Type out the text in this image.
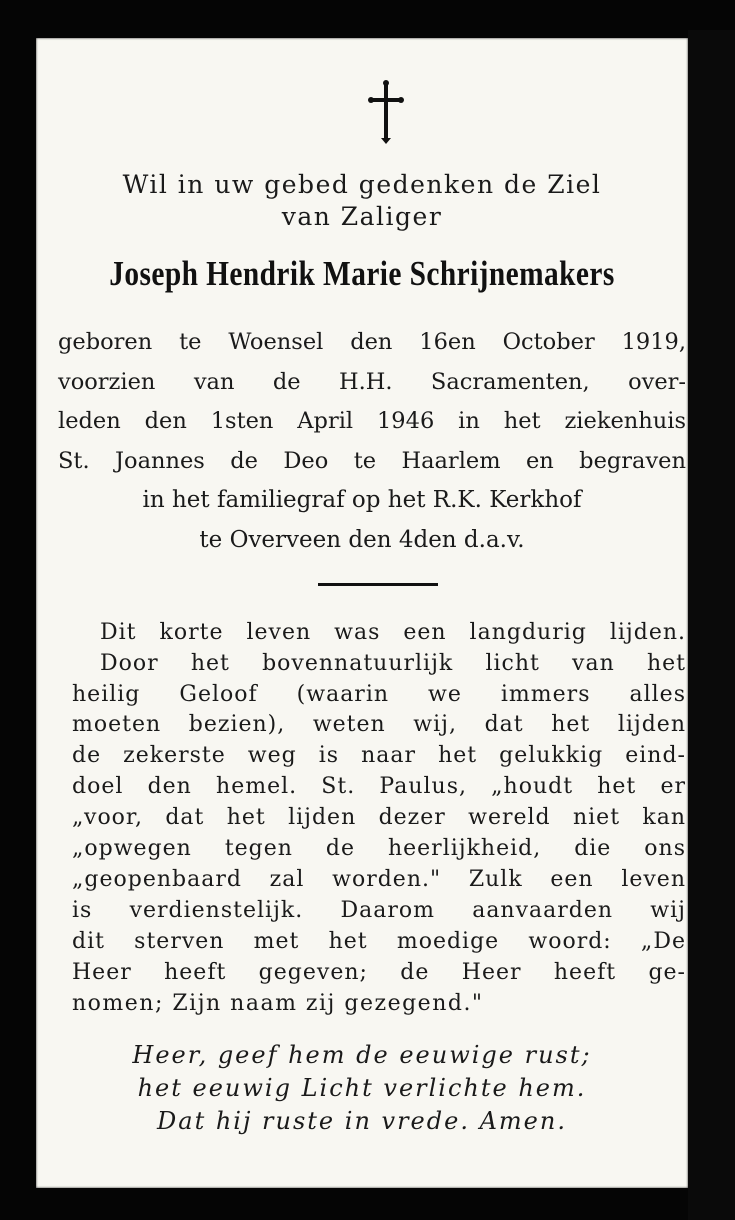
Wil in uw gebed gedenken de Ziel

van Zaliger

Joseph Hendrik Marie Schrijnemakers

geboren te Woensel den 16en October 1919,

voorzien van de H.H. Sacramenten, over-

leden den 1sten April 1946 in het ziekenhuis

St. Joannes de Deo te Haarlem en begraven

in het familiegraf op het R.K. Kerkhof

te Overveen den 4den d.a.v.

Dit korte leven was een langdurig lijden.

Door het bovennatuurlijk licht van het

heilig Geloof (waarin we immers alles

moeten bezien), weten wij, dat het lijden

de zekerste weg is naar het gelukkig eind-

doel den hemel. St. Paulus, „houdt het er

„voor, dat het lijden dezer wereld niet kan

„opwegen tegen de heerlijkheid, die ons

„geopenbaard zal worden." Zulk een leven

is verdienstelijk. Daarom aanvaarden wij

dit sterven met het moedige woord: „De

Heer heeft gegeven; de Heer heeft ge-

nomen; Zijn naam zij gezegend."

Heer, geef hem de eeuwige rust;

het eeuwig Licht verlichte hem.

Dat hij ruste in vrede. Amen.
